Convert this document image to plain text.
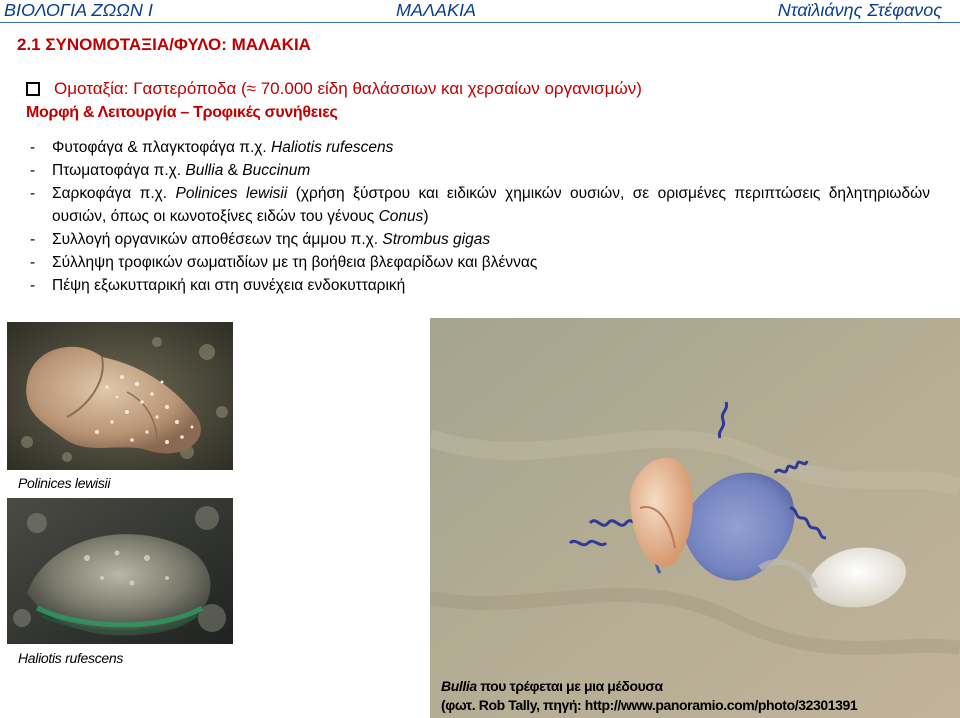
ΒΙΟΛΟΓΙΑ ΖΩΩΝ Ι	ΜΑΛΑΚΙΑ	Νταϊλιάνης Στέφανος
2.1 ΣΥΝΟΜΟΤΑΞΙΑ/ΦΥΛΟ: ΜΑΛΑΚΙΑ
Ομοταξία: Γαστερόποδα (≈ 70.000 είδη θαλάσσιων και χερσαίων οργανισμών)
Μορφή & Λειτουργία – Τροφικές συνήθειες
-	Φυτοφάγα & πλαγκτοφάγα π.χ. Haliotis rufescens
-	Πτωματοφάγα π.χ. Bullia & Buccinum
-	Σαρκοφάγα π.χ. Polinices lewisii (χρήση ξύστρου και ειδικών χημικών ουσιών, σε ορισμένες περιπτώσεις δηλητηριωδών ουσιών, όπως οι κωνοτοξίνες ειδών του γένους Conus)
-	Συλλογή οργανικών αποθέσεων της άμμου π.χ. Strombus gigas
-	Σύλληψη τροφικών σωματιδίων με τη βοήθεια βλεφαρίδων και βλέννας
-	Πέψη εξωκυτταρική και στη συνέχεια ενδοκυτταρική
Polinices lewisii
Haliotis rufescens
Bullia που τρέφεται με μια μέδουσα
(φωτ. Rob Tally, πηγή: http://www.panoramio.com/photo/32301391
